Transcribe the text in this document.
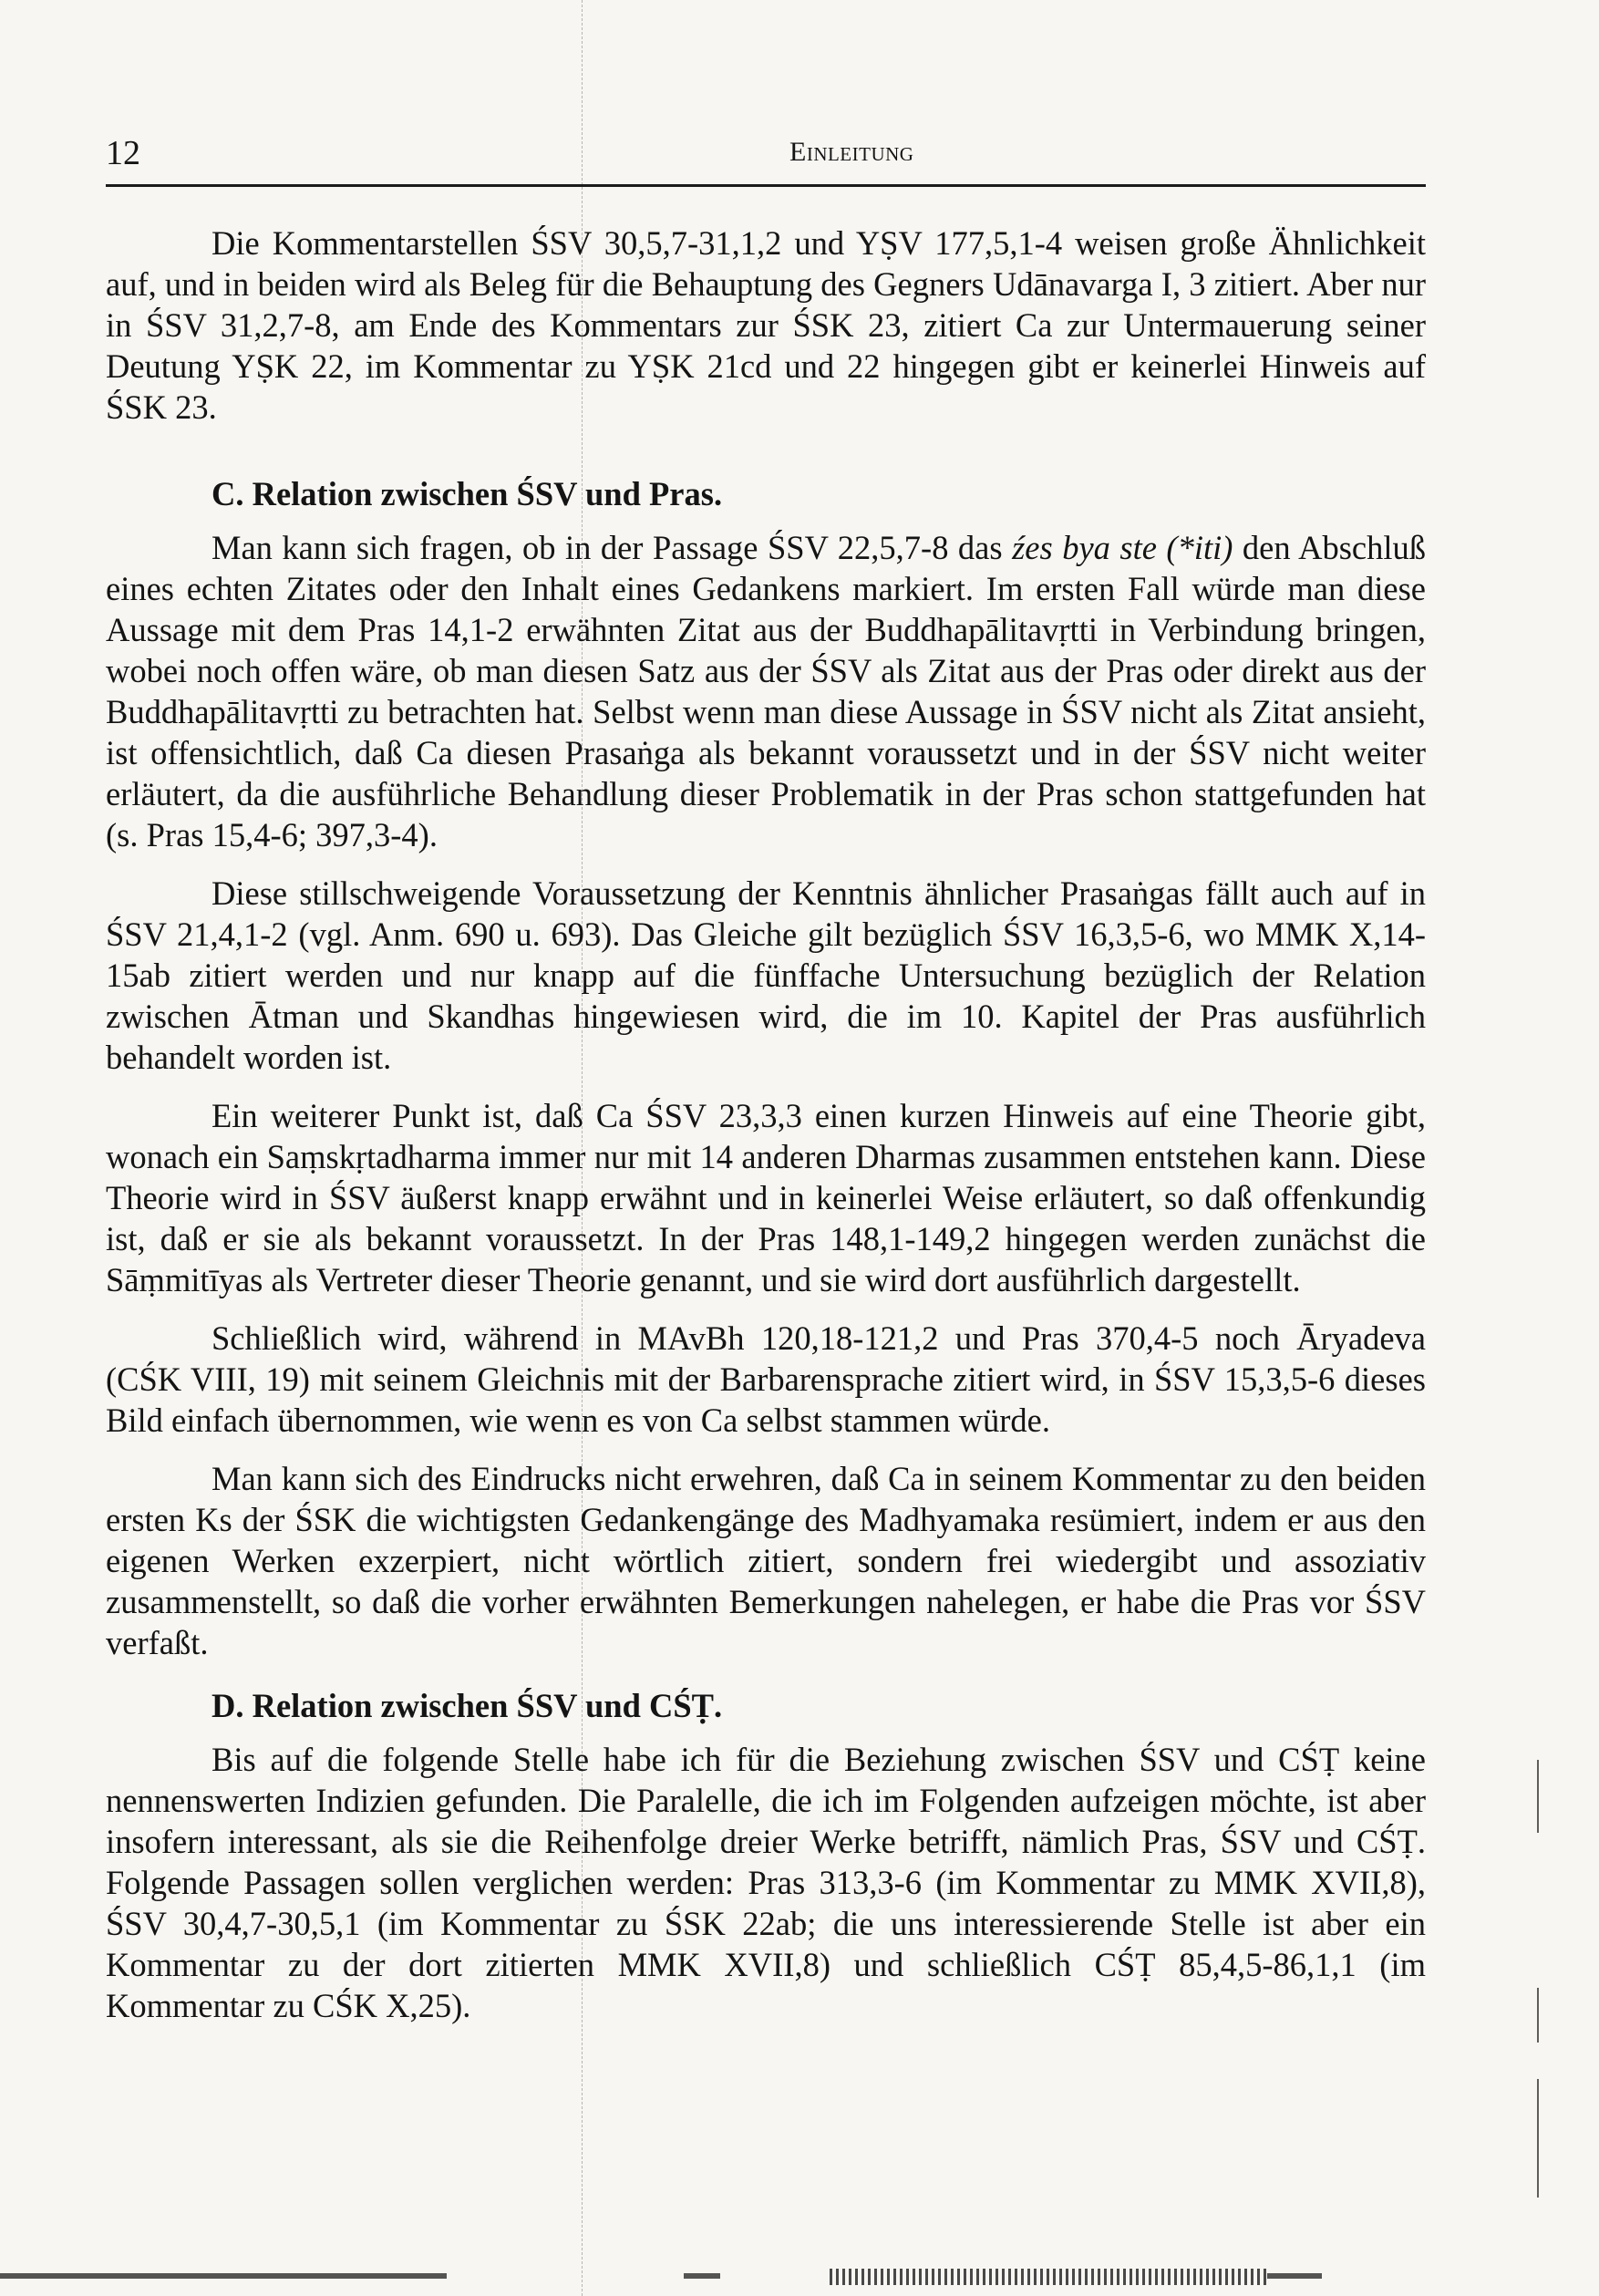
12	Einleitung

Die Kommentarstellen ŚSV 30,5,7-31,1,2 und YṢV 177,5,1-4 weisen große Ähnlichkeit auf, und in beiden wird als Beleg für die Behauptung des Gegners Udānavarga I, 3 zitiert. Aber nur in ŚSV 31,2,7-8, am Ende des Kommentars zur ŚSK 23, zitiert Ca zur Untermauerung seiner Deutung YṢK 22, im Kommentar zu YṢK 21cd und 22 hingegen gibt er keinerlei Hinweis auf ŚSK 23.

C. Relation zwischen ŚSV und Pras.

Man kann sich fragen, ob in der Passage ŚSV 22,5,7-8 das źes bya ste (*iti) den Abschluß eines echten Zitates oder den Inhalt eines Gedankens markiert. Im ersten Fall würde man diese Aussage mit dem Pras 14,1-2 erwähnten Zitat aus der Buddhapālitavṛtti in Verbindung bringen, wobei noch offen wäre, ob man diesen Satz aus der ŚSV als Zitat aus der Pras oder direkt aus der Buddhapālitavṛtti zu betrachten hat. Selbst wenn man diese Aussage in ŚSV nicht als Zitat ansieht, ist offensichtlich, daß Ca diesen Prasaṅga als bekannt voraussetzt und in der ŚSV nicht weiter erläutert, da die ausführliche Behandlung dieser Problematik in der Pras schon stattgefunden hat (s. Pras 15,4-6; 397,3-4).

Diese stillschweigende Voraussetzung der Kenntnis ähnlicher Prasaṅgas fällt auch auf in ŚSV 21,4,1-2 (vgl. Anm. 690 u. 693). Das Gleiche gilt bezüglich ŚSV 16,3,5-6, wo MMK X,14-15ab zitiert werden und nur knapp auf die fünffache Untersuchung bezüglich der Relation zwischen Ātman und Skandhas hingewiesen wird, die im 10. Kapitel der Pras ausführlich behandelt worden ist.

Ein weiterer Punkt ist, daß Ca ŚSV 23,3,3 einen kurzen Hinweis auf eine Theorie gibt, wonach ein Saṃskṛtadharma immer nur mit 14 anderen Dharmas zusammen entstehen kann. Diese Theorie wird in ŚSV äußerst knapp erwähnt und in keinerlei Weise erläutert, so daß offenkundig ist, daß er sie als bekannt voraussetzt. In der Pras 148,1-149,2 hingegen werden zunächst die Sāṃmitīyas als Vertreter dieser Theorie genannt, und sie wird dort ausführlich dargestellt.

Schließlich wird, während in MAvBh 120,18-121,2 und Pras 370,4-5 noch Āryadeva (CŚK VIII, 19) mit seinem Gleichnis mit der Barbarensprache zitiert wird, in ŚSV 15,3,5-6 dieses Bild einfach übernommen, wie wenn es von Ca selbst stammen würde.

Man kann sich des Eindrucks nicht erwehren, daß Ca in seinem Kommentar zu den beiden ersten Ks der ŚSK die wichtigsten Gedankengänge des Madhyamaka resümiert, indem er aus den eigenen Werken exzerpiert, nicht wörtlich zitiert, sondern frei wiedergibt und assoziativ zusammenstellt, so daß die vorher erwähnten Bemerkungen nahelegen, er habe die Pras vor ŚSV verfaßt.

D. Relation zwischen ŚSV und CŚṬ.

Bis auf die folgende Stelle habe ich für die Beziehung zwischen ŚSV und CŚṬ keine nennenswerten Indizien gefunden. Die Paralelle, die ich im Folgenden aufzeigen möchte, ist aber insofern interessant, als sie die Reihenfolge dreier Werke betrifft, nämlich Pras, ŚSV und CŚṬ. Folgende Passagen sollen verglichen werden: Pras 313,3-6 (im Kommentar zu MMK XVII,8), ŚSV 30,4,7-30,5,1 (im Kommentar zu ŚSK 22ab; die uns interessierende Stelle ist aber ein Kommentar zu der dort zitierten MMK XVII,8) und schließlich CŚṬ 85,4,5-86,1,1 (im Kommentar zu CŚK X,25).
